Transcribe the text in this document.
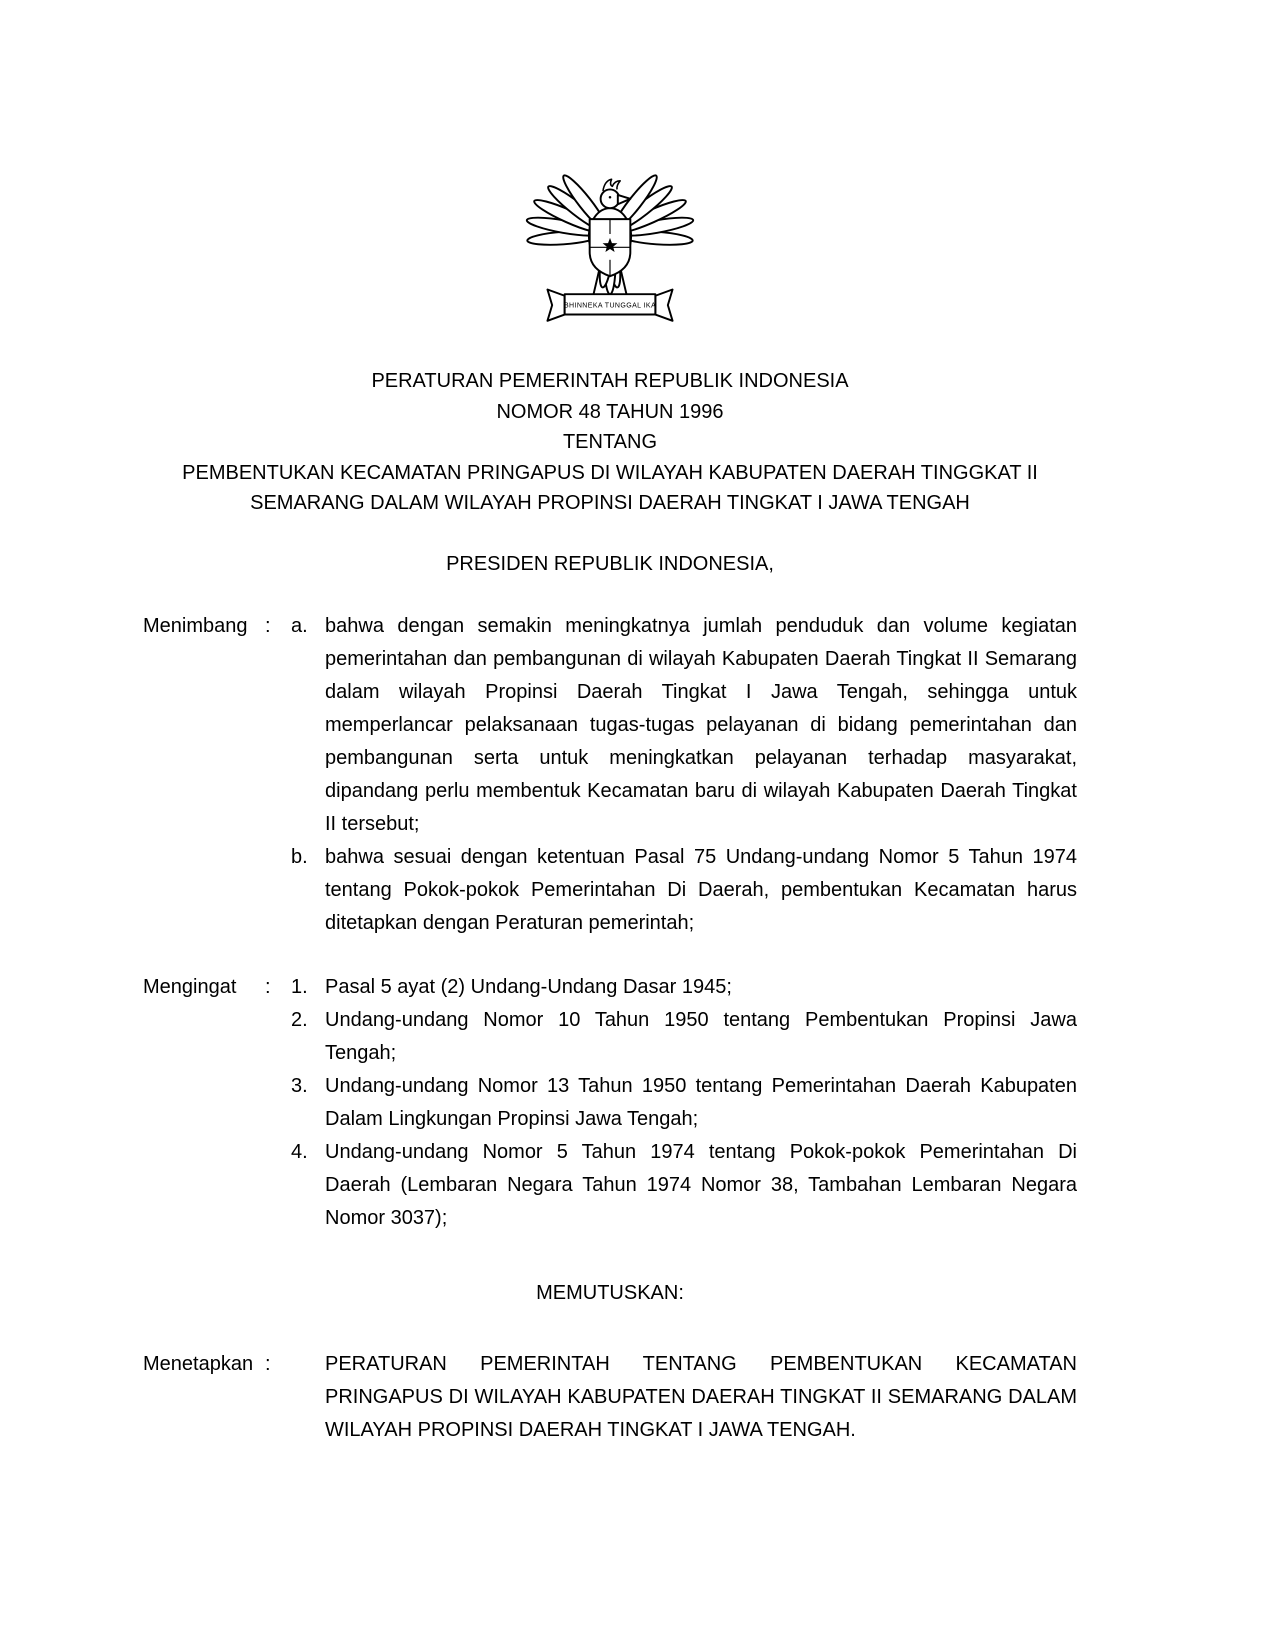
BHINNEKA TUNGGAL IKA
PERATURAN PEMERINTAH REPUBLIK INDONESIA
NOMOR 48 TAHUN 1996
TENTANG
PEMBENTUKAN KECAMATAN PRINGAPUS DI WILAYAH KABUPATEN DAERAH TINGGKAT II SEMARANG DALAM WILAYAH PROPINSI DAERAH TINGKAT I JAWA TENGAH
PRESIDEN REPUBLIK INDONESIA,
Menimbang :	a. bahwa dengan semakin meningkatnya jumlah penduduk dan volume kegiatan pemerintahan dan pembangunan di wilayah Kabupaten Daerah Tingkat II Semarang dalam wilayah Propinsi Daerah Tingkat I Jawa Tengah, sehingga untuk memperlancar pelaksanaan tugas-tugas pelayanan di bidang pemerintahan dan pembangunan serta untuk meningkatkan pelayanan terhadap masyarakat, dipandang perlu membentuk Kecamatan baru di wilayah Kabupaten Daerah Tingkat II tersebut;
b. bahwa sesuai dengan ketentuan Pasal 75 Undang-undang Nomor 5 Tahun 1974 tentang Pokok-pokok Pemerintahan Di Daerah, pembentukan Kecamatan harus ditetapkan dengan Peraturan pemerintah;
Mengingat	:	1. Pasal 5 ayat (2) Undang-Undang Dasar 1945;
2. Undang-undang Nomor 10 Tahun 1950 tentang Pembentukan Propinsi Jawa Tengah;
3. Undang-undang Nomor 13 Tahun 1950 tentang Pemerintahan Daerah Kabupaten Dalam Lingkungan Propinsi Jawa Tengah;
4. Undang-undang Nomor 5 Tahun 1974 tentang Pokok-pokok Pemerintahan Di Daerah (Lembaran Negara Tahun 1974 Nomor 38, Tambahan Lembaran Negara Nomor 3037);
MEMUTUSKAN:
Menetapkan :	PERATURAN PEMERINTAH TENTANG PEMBENTUKAN KECAMATAN PRINGAPUS DI WILAYAH KABUPATEN DAERAH TINGKAT II SEMARANG DALAM WILAYAH PROPINSI DAERAH TINGKAT I JAWA TENGAH.
